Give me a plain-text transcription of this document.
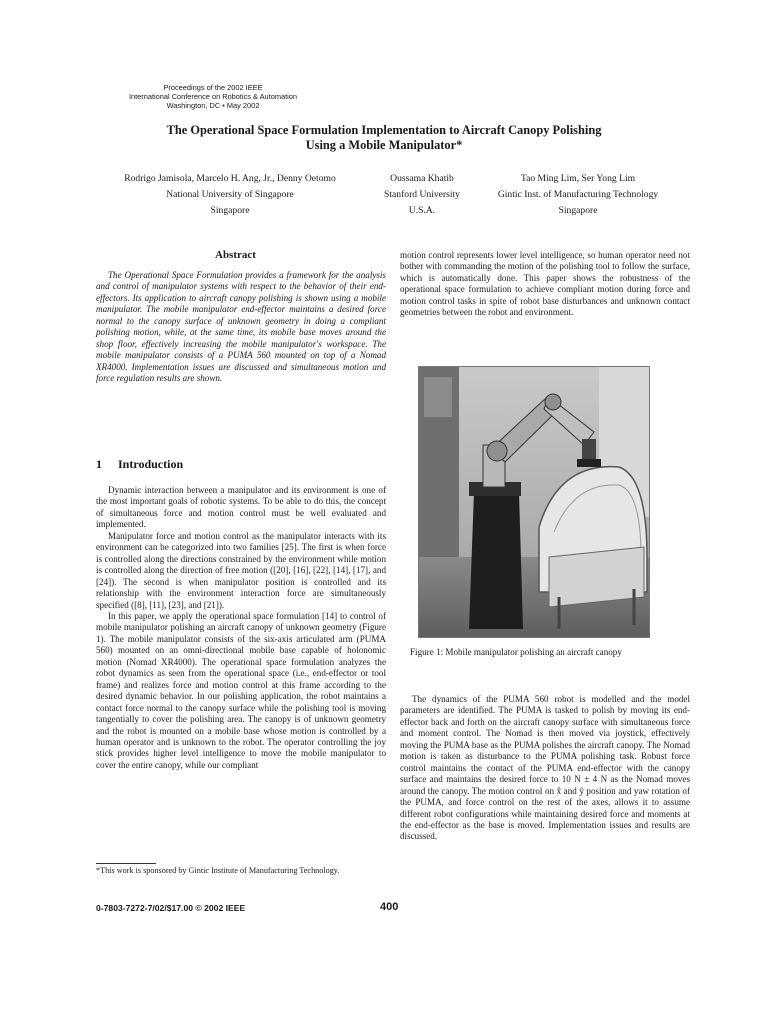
Proceedings of the 2002 IEEE
International Conference on Robotics & Automation
Washington, DC • May 2002
The Operational Space Formulation Implementation to Aircraft Canopy Polishing
Using a Mobile Manipulator*
Rodrigo Jamisola, Marcelo H. Ang, Jr., Denny Oetomo
National University of Singapore
Singapore
Oussama Khatib
Stanford University
U.S.A.
Tao Ming Lim, Ser Yong Lim
Gintic Inst. of Manufacturing Technology
Singapore
Abstract
The Operational Space Formulation provides a framework for the analysis and control of manipulator systems with respect to the behavior of their end-effectors. Its application to aircraft canopy polishing is shown using a mobile manipulator. The mobile manipulator end-effector maintains a desired force normal to the canopy surface of unknown geometry in doing a compliant polishing motion, while, at the same time, its mobile base moves around the shop floor, effectively increasing the mobile manipulator's workspace. The mobile manipulator consists of a PUMA 560 mounted on top of a Nomad XR4000. Implementation issues are discussed and simultaneous motion and force regulation results are shown.
1 Introduction

Dynamic interaction between a manipulator and its environment is one of the most important goals of robotic systems. To be able to do this, the concept of simultaneous force and motion control must be well evaluated and implemented.

Manipulator force and motion control as the manipulator interacts with its environment can be categorized into two families [25]. The first is when force is controlled along the directions constrained by the environment while motion is controlled along the direction of free motion ([20], [16], [22], [14], [17], and [24]). The second is when manipulator position is controlled and its relationship with the environment interaction force are simultaneously specified ([8], [11], [23], and [21]).

In this paper, we apply the operational space formulation [14] to control of mobile manipulator polishing an aircraft canopy of unknown geometry (Figure 1). The mobile manipulator consists of the six-axis articulated arm (PUMA 560) mounted on an omni-directional mobile base capable of holonomic motion (Nomad XR4000). The operational space formulation analyzes the robot dynamics as seen from the operational space (i.e., end-effector or tool frame) and realizes force and motion control at this frame according to the desired dynamic behavior. In our polishing application, the robot maintains a contact force normal to the canopy surface while the polishing tool is moving tangentially to cover the polishing area. The canopy is of unknown geometry and the robot is mounted on a mobile base whose motion is controlled by a human operator and is unknown to the robot. The operator controlling the joy stick provides higher level intelligence to move the mobile manipulator to cover the entire canopy, while our compliant

motion control represents lower level intelligence, so human operator need not bother with commanding the motion of the polishing tool to follow the surface, which is automatically done. This paper shows the robustness of the operational space formulation to achieve compliant motion during force and motion control tasks in spite of robot base disturbances and unknown contact geometries between the robot and environment.

Figure 1: Mobile manipulator polishing an aircraft canopy

The dynamics of the PUMA 560 robot is modelled and the model parameters are identified. The PUMA is tasked to polish by moving its end-effector back and forth on the aircraft canopy surface with simultaneous force and moment control. The Nomad is then moved via joystick, effectively moving the PUMA base as the PUMA polishes the aircraft canopy. The Nomad motion is taken as disturbance to the PUMA polishing task. Robust force control maintains the contact of the PUMA end-effector with the canopy surface and maintains the desired force to 10 N ± 4 N as the Nomad moves around the canopy. The motion control on x̂ and ŷ position and yaw rotation of the PUMA, and force control on the rest of the axes, allows it to assume different robot configurations while maintaining desired force and moments at the end-effector as the base is moved. Implementation issues and results are discussed.

*This work is sponsored by Gintic Institute of Manufacturing Technology.
0-7803-7272-7/02/$17.00 © 2002 IEEE	400
